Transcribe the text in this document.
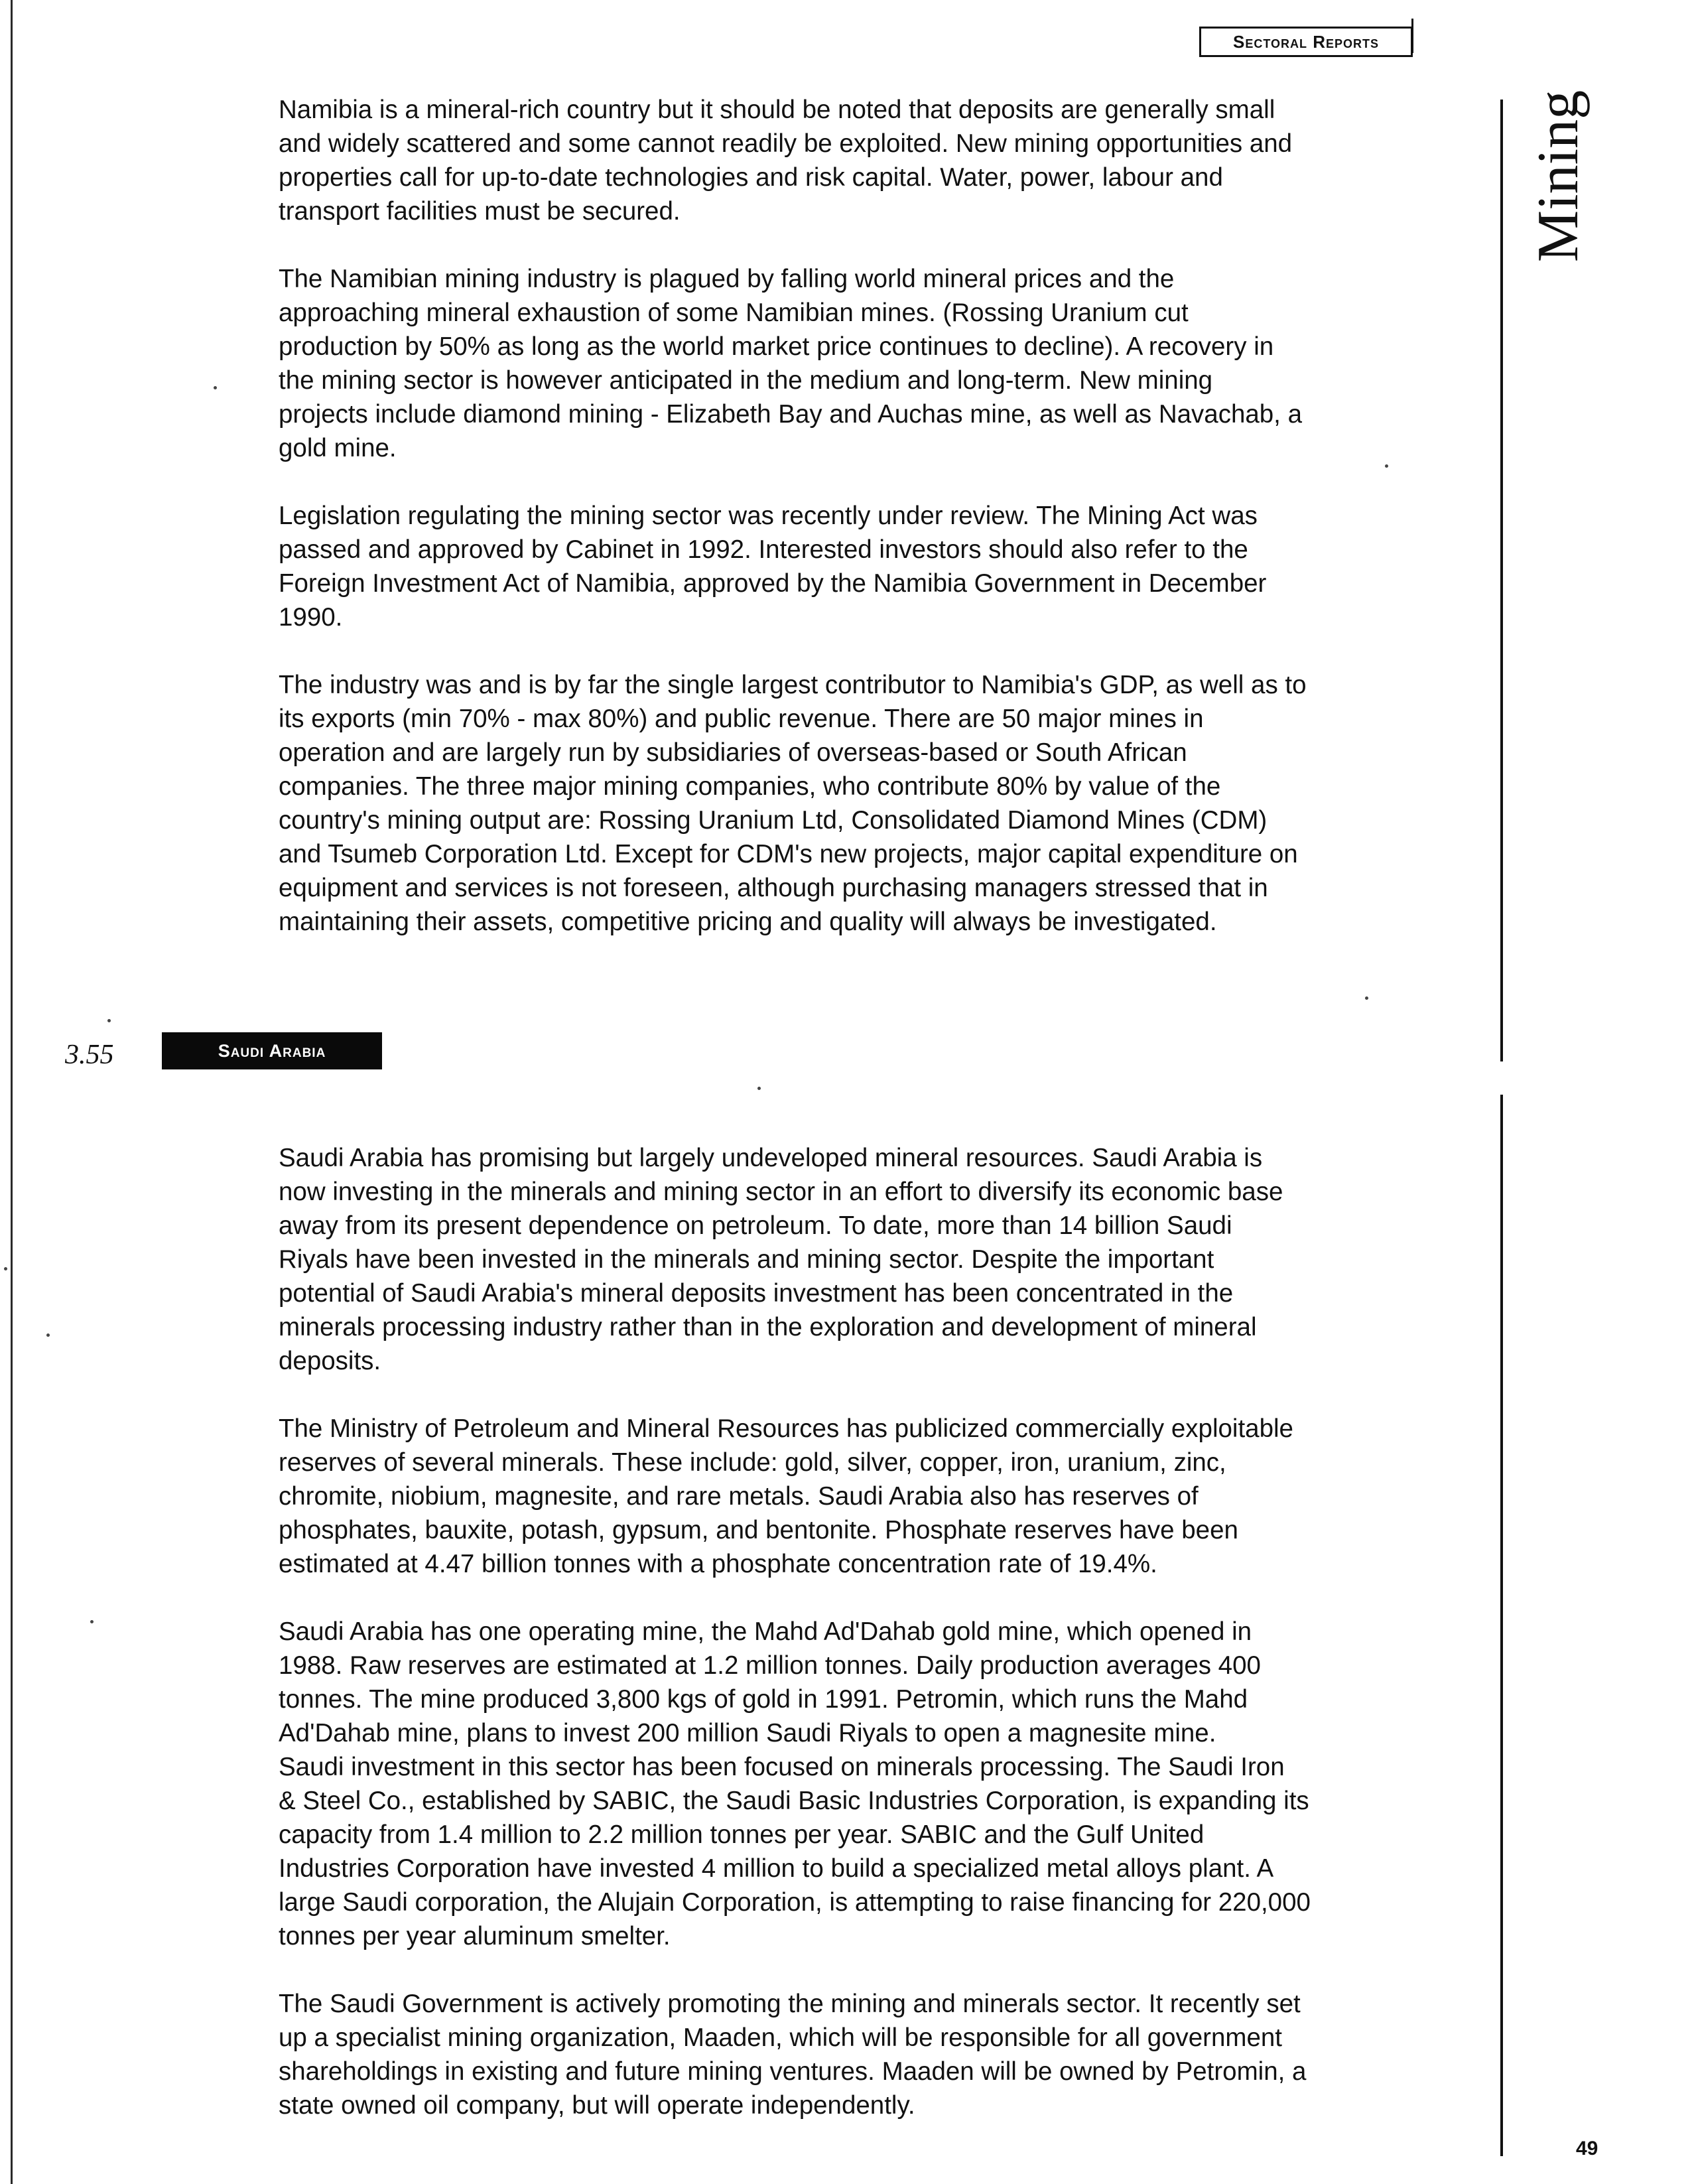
Sectoral Reports
Mining

Namibia is a mineral-rich country but it should be noted that deposits are generally small
and widely scattered and some cannot readily be exploited. New mining opportunities and
properties call for up-to-date technologies and risk capital. Water, power, labour and
transport facilities must be secured.

The Namibian mining industry is plagued by falling world mineral prices and the
approaching mineral exhaustion of some Namibian mines. (Rossing Uranium cut
production by 50% as long as the world market price continues to decline). A recovery in
the mining sector is however anticipated in the medium and long-term. New mining
projects include diamond mining - Elizabeth Bay and Auchas mine, as well as Navachab, a
gold mine.

Legislation regulating the mining sector was recently under review. The Mining Act was
passed and approved by Cabinet in 1992. Interested investors should also refer to the
Foreign Investment Act of Namibia, approved by the Namibia Government in December
1990.

The industry was and is by far the single largest contributor to Namibia's GDP, as well as to
its exports (min 70% - max 80%) and public revenue. There are 50 major mines in
operation and are largely run by subsidiaries of overseas-based or South African
companies. The three major mining companies, who contribute 80% by value of the
country's mining output are: Rossing Uranium Ltd, Consolidated Diamond Mines (CDM)
and Tsumeb Corporation Ltd. Except for CDM's new projects, major capital expenditure on
equipment and services is not foreseen, although purchasing managers stressed that in
maintaining their assets, competitive pricing and quality will always be investigated.

3.55	Saudi Arabia

Saudi Arabia has promising but largely undeveloped mineral resources. Saudi Arabia is
now investing in the minerals and mining sector in an effort to diversify its economic base
away from its present dependence on petroleum. To date, more than 14 billion Saudi
Riyals have been invested in the minerals and mining sector. Despite the important
potential of Saudi Arabia's mineral deposits investment has been concentrated in the
minerals processing industry rather than in the exploration and development of mineral
deposits.

The Ministry of Petroleum and Mineral Resources has publicized commercially exploitable
reserves of several minerals. These include: gold, silver, copper, iron, uranium, zinc,
chromite, niobium, magnesite, and rare metals. Saudi Arabia also has reserves of
phosphates, bauxite, potash, gypsum, and bentonite. Phosphate reserves have been
estimated at 4.47 billion tonnes with a phosphate concentration rate of 19.4%.

Saudi Arabia has one operating mine, the Mahd Ad'Dahab gold mine, which opened in
1988. Raw reserves are estimated at 1.2 million tonnes. Daily production averages 400
tonnes. The mine produced 3,800 kgs of gold in 1991. Petromin, which runs the Mahd
Ad'Dahab mine, plans to invest 200 million Saudi Riyals to open a magnesite mine.
Saudi investment in this sector has been focused on minerals processing. The Saudi Iron
& Steel Co., established by SABIC, the Saudi Basic Industries Corporation, is expanding its
capacity from 1.4 million to 2.2 million tonnes per year. SABIC and the Gulf United
Industries Corporation have invested 4 million to build a specialized metal alloys plant. A
large Saudi corporation, the Alujain Corporation, is attempting to raise financing for 220,000
tonnes per year aluminum smelter.

The Saudi Government is actively promoting the mining and minerals sector. It recently set
up a specialist mining organization, Maaden, which will be responsible for all government
shareholdings in existing and future mining ventures. Maaden will be owned by Petromin, a
state owned oil company, but will operate independently.

49
